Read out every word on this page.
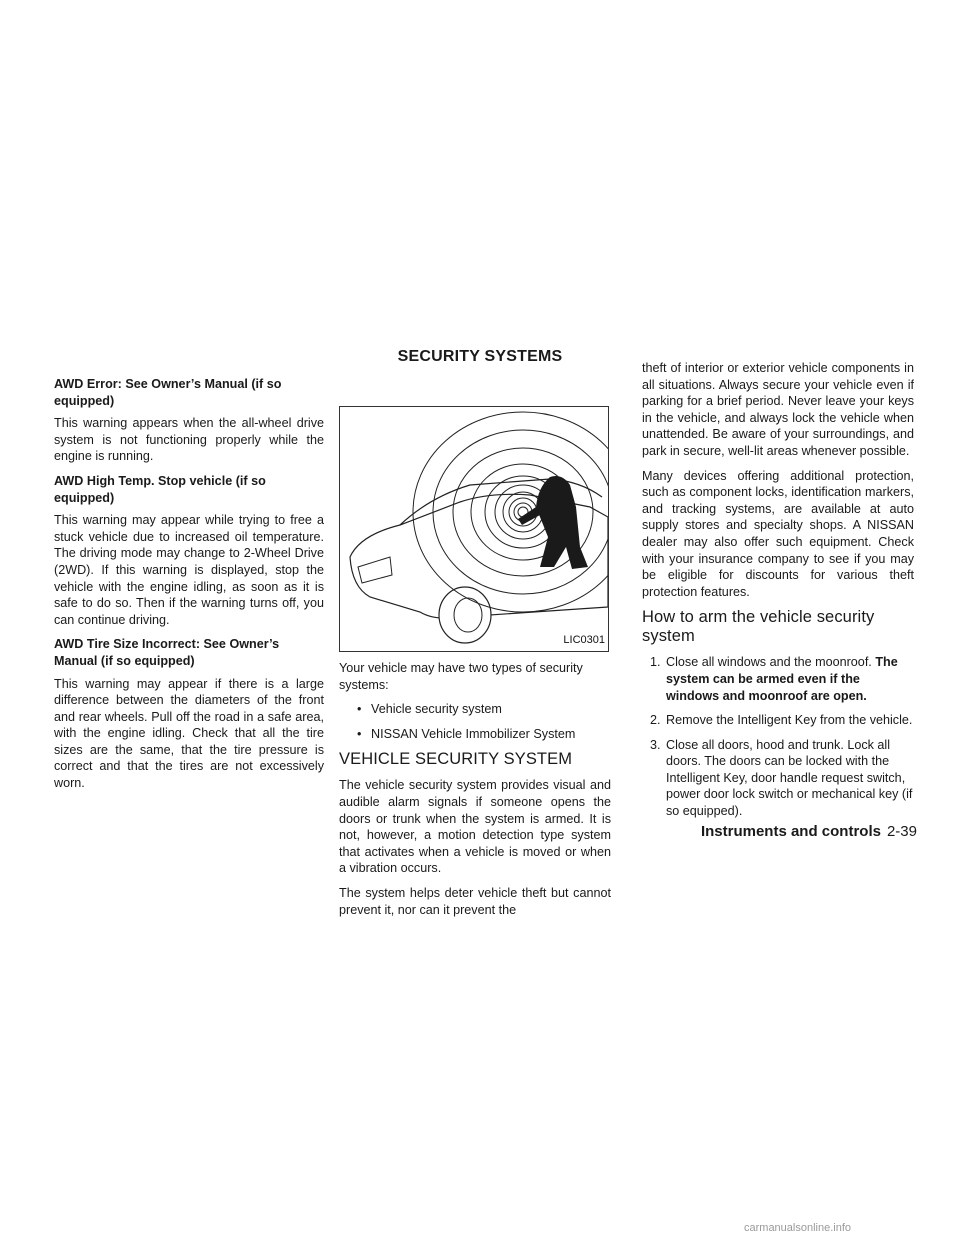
SECURITY SYSTEMS

AWD Error: See Owner’s Manual (if so equipped)

This warning appears when the all-wheel drive system is not functioning properly while the engine is running.

AWD High Temp. Stop vehicle (if so equipped)

This warning may appear while trying to free a stuck vehicle due to increased oil temperature. The driving mode may change to 2-Wheel Drive (2WD). If this warning is displayed, stop the vehicle with the engine idling, as soon as it is safe to do so. Then if the warning turns off, you can continue driving.

AWD Tire Size Incorrect: See Owner’s Manual (if so equipped)

This warning may appear if there is a large difference between the diameters of the front and rear wheels. Pull off the road in a safe area, with the engine idling. Check that all the tire sizes are the same, that the tire pressure is correct and that the tires are not excessively worn.

LIC0301

Your vehicle may have two types of security systems:

• Vehicle security system
• NISSAN Vehicle Immobilizer System
VEHICLE SECURITY SYSTEM

The vehicle security system provides visual and audible alarm signals if someone opens the doors or trunk when the system is armed. It is not, however, a motion detection type system that activates when a vehicle is moved or when a vibration occurs.

The system helps deter vehicle theft but cannot prevent it, nor can it prevent the

theft of interior or exterior vehicle components in all situations. Always secure your vehicle even if parking for a brief period. Never leave your keys in the vehicle, and always lock the vehicle when unattended. Be aware of your surroundings, and park in secure, well-lit areas whenever possible.

Many devices offering additional protection, such as component locks, identification markers, and tracking systems, are available at auto supply stores and specialty shops. A NISSAN dealer may also offer such equipment. Check with your insurance company to see if you may be eligible for discounts for various theft protection features.

How to arm the vehicle security system
1. Close all windows and the moonroof. The system can be armed even if the windows and moonroof are open.
2. Remove the Intelligent Key from the vehicle.
3. Close all doors, hood and trunk. Lock all doors. The doors can be locked with the Intelligent Key, door handle request switch, power door lock switch or mechanical key (if so equipped).
Instruments and controls 2-39
carmanualsonline.info
